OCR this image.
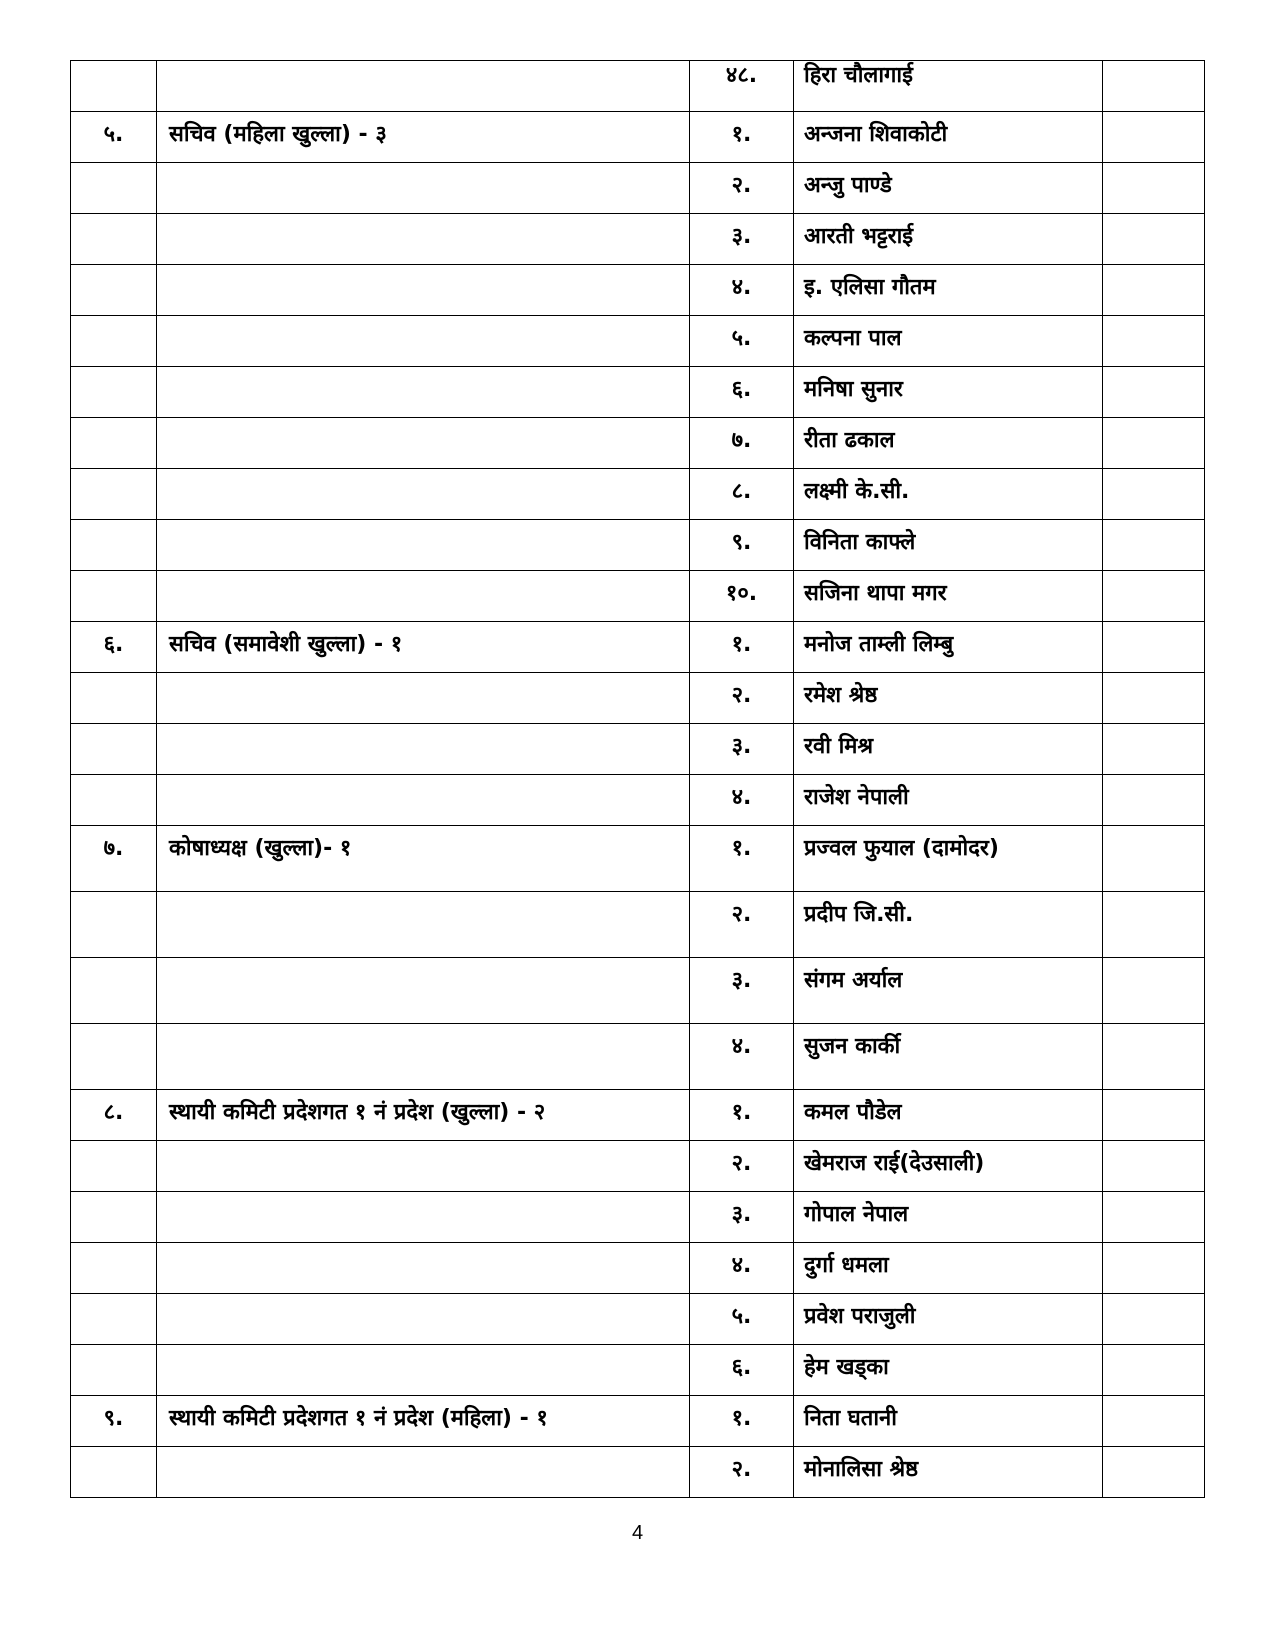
		४८.	हिरा चौलागाई	
५.	सचिव (महिला खुल्ला) - ३	१.	अन्जना शिवाकोटी	
		२.	अन्जु पाण्डे	
		३.	आरती भट्टराई	
		४.	इ. एलिसा गौतम	
		५.	कल्पना पाल	
		६.	मनिषा सुनार	
		७.	रीता ढकाल	
		८.	लक्ष्मी के.सी.	
		९.	विनिता काफ्ले	
		१०.	सजिना थापा मगर	
६.	सचिव (समावेशी खुल्ला) - १	१.	मनोज ताम्ली लिम्बु	
		२.	रमेश श्रेष्ठ	
		३.	रवी मिश्र	
		४.	राजेश नेपाली	
७.	कोषाध्यक्ष (खुल्ला)- १	१.	प्रज्वल फुयाल (दामोदर)	
		२.	प्रदीप जि.सी.	
		३.	संगम अर्याल	
		४.	सुजन कार्की	
८.	स्थायी कमिटी प्रदेशगत १ नं प्रदेश (खुल्ला) - २	१.	कमल पौडेल	
		२.	खेमराज राई(देउसाली)	
		३.	गोपाल नेपाल	
		४.	दुर्गा धमला	
		५.	प्रवेश पराजुली	
		६.	हेम खड्का	
९.	स्थायी कमिटी प्रदेशगत १ नं प्रदेश (महिला) - १	१.	निता घतानी	
		२.	मोनालिसा श्रेष्ठ	
4
